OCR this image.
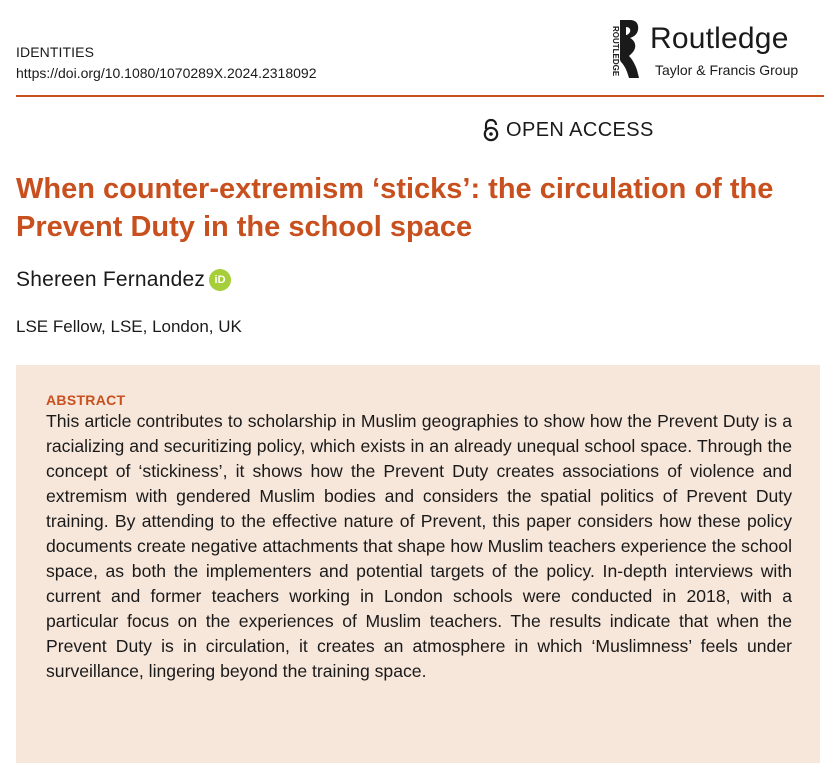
IDENTITIES
https://doi.org/10.1080/1070289X.2024.2318092	ROUTLEDGE Routledge
Taylor & Francis Group
OPEN ACCESS
When counter-extremism ‘sticks’: the circulation of the Prevent Duty in the school space
Shereen Fernandez iD
LSE Fellow, LSE, London, UK
ABSTRACT

This article contributes to scholarship in Muslim geographies to show how the Prevent Duty is a racializing and securitizing policy, which exists in an already unequal school space. Through the concept of ‘stickiness’, it shows how the Prevent Duty creates associations of violence and extremism with gendered Muslim bodies and considers the spatial politics of Prevent Duty training. By attending to the effective nature of Prevent, this paper considers how these policy documents create negative attachments that shape how Muslim teachers experience the school space, as both the implementers and potential targets of the policy. In-depth interviews with current and former teachers working in London schools were conducted in 2018, with a particular focus on the experiences of Muslim teachers. The results indicate that when the Prevent Duty is in circulation, it creates an atmosphere in which ‘Muslimness’ feels under surveillance, lingering beyond the training space.
